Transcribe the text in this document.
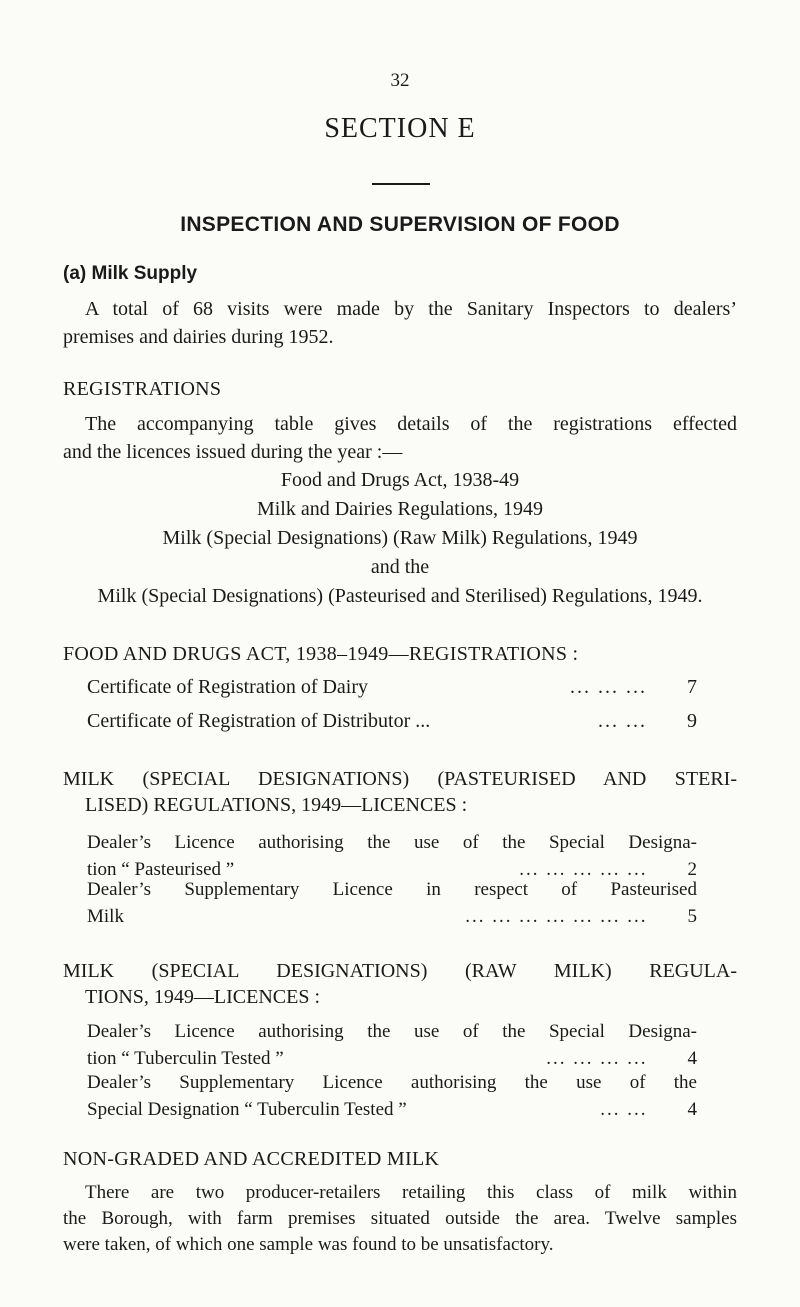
32
SECTION E
INSPECTION AND SUPERVISION OF FOOD
(a) Milk Supply
A total of 68 visits were made by the Sanitary Inspectors to dealers’
premises and dairies during 1952.
REGISTRATIONS
The accompanying table gives details of the registrations effected
and the licences issued during the year :—
Food and Drugs Act, 1938-49
Milk and Dairies Regulations, 1949
Milk (Special Designations) (Raw Milk) Regulations, 1949
and the
Milk (Special Designations) (Pasteurised and Sterilised) Regulations, 1949.
FOOD AND DRUGS ACT, 1938–1949—REGISTRATIONS :
Certificate of Registration of Dairy	... ... ...	7
Certificate of Registration of Distributor ...	... ...	9
MILK (SPECIAL DESIGNATIONS) (PASTEURISED AND STERI-
LISED) REGULATIONS, 1949—LICENCES :
Dealer’s Licence authorising the use of the Special Designa-
tion “ Pasteurised ”	... ... ... ... ...	2
Dealer’s Supplementary Licence in respect of Pasteurised
Milk	... ... ... ... ... ... ...	5
MILK (SPECIAL DESIGNATIONS) (RAW MILK) REGULA-
TIONS, 1949—LICENCES :
Dealer’s Licence authorising the use of the Special Designa-
tion “ Tuberculin Tested ”	... ... ... ...	4
Dealer’s Supplementary Licence authorising the use of the
Special Designation “ Tuberculin Tested ”	... ...	4
NON-GRADED AND ACCREDITED MILK
There are two producer-retailers retailing this class of milk within
the Borough, with farm premises situated outside the area. Twelve samples
were taken, of which one sample was found to be unsatisfactory.
